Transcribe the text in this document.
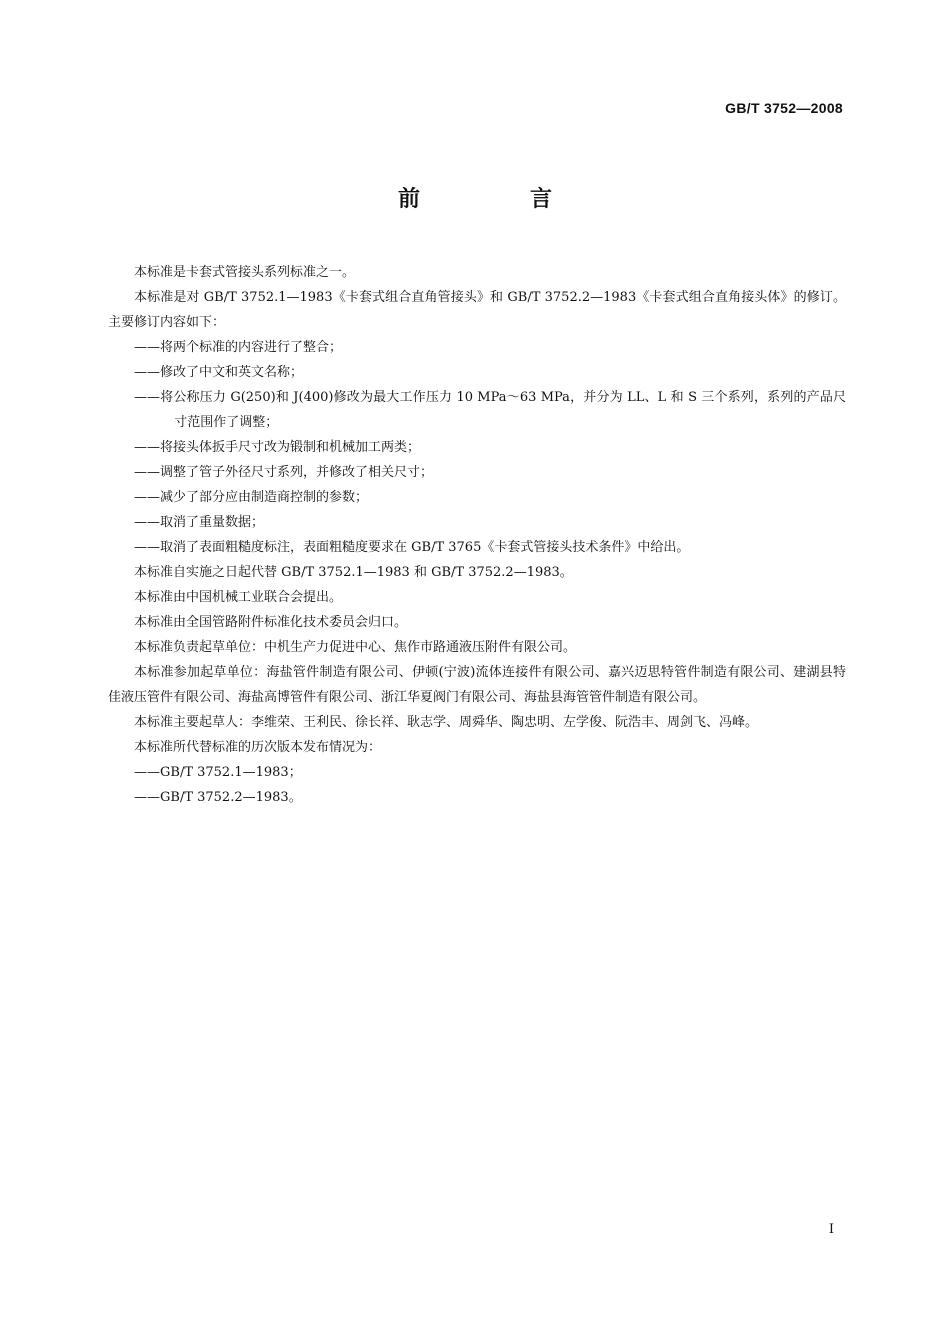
GB/T 3752—2008
前　言

本标准是卡套式管接头系列标准之一。

本标准是对 GB/T 3752.1—1983《卡套式组合直角管接头》和 GB/T 3752.2—1983《卡套式组合直角接头体》的修订。主要修订内容如下：

——将两个标准的内容进行了整合；

——修改了中文和英文名称；

——将公称压力 G(250)和 J(400)修改为最大工作压力 10 MPa～63 MPa，并分为 LL、L 和 S 三个系列，系列的产品尺寸范围作了调整；

——将接头体扳手尺寸改为锻制和机械加工两类；

——调整了管子外径尺寸系列，并修改了相关尺寸；

——减少了部分应由制造商控制的参数；

——取消了重量数据；

——取消了表面粗糙度标注，表面粗糙度要求在 GB/T 3765《卡套式管接头技术条件》中给出。

本标准自实施之日起代替 GB/T 3752.1—1983 和 GB/T 3752.2—1983。

本标准由中国机械工业联合会提出。

本标准由全国管路附件标准化技术委员会归口。

本标准负责起草单位：中机生产力促进中心、焦作市路通液压附件有限公司。

本标准参加起草单位：海盐管件制造有限公司、伊顿(宁波)流体连接件有限公司、嘉兴迈思特管件制造有限公司、建湖县特佳液压管件有限公司、海盐高博管件有限公司、浙江华夏阀门有限公司、海盐县海管管件制造有限公司。

本标准主要起草人：李维荣、王利民、徐长祥、耿志学、周舜华、陶忠明、左学俊、阮浩丰、周剑飞、冯峰。

本标准所代替标准的历次版本发布情况为：

——GB/T 3752.1—1983；

——GB/T 3752.2—1983。

I
